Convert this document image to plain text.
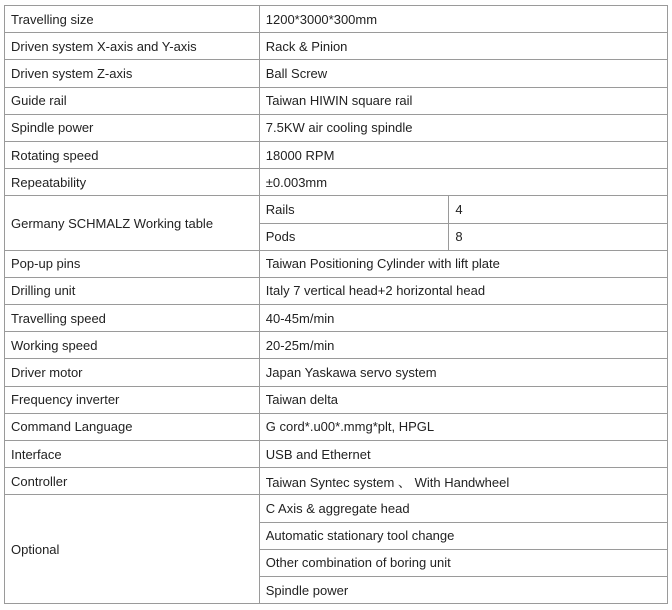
Travelling size	1200*3000*300mm	
Driven system X-axis and Y-axis	Rack & Pinion	
Driven system Z-axis	Ball Screw	
Guide rail	Taiwan HIWIN square rail	
Spindle power	7.5KW air cooling spindle	
Rotating speed	18000 RPM	
Repeatability	±0.003mm	
Germany SCHMALZ Working table	Rails	4
	Pods	8
Pop-up pins	Taiwan Positioning Cylinder with lift plate	
Drilling unit	Italy 7 vertical head+2 horizontal head	
Travelling speed	40-45m/min	
Working speed	20-25m/min	
Driver motor	Japan Yaskawa servo system	
Frequency inverter	Taiwan delta	
Command Language	G cord*.u00*.mmg*plt, HPGL	
Interface	USB and Ethernet	
Controller	Taiwan Syntec system 、 With Handwheel	
Optional	C Axis & aggregate head	
	Automatic stationary tool change	
	Other combination of boring unit	
	Spindle power	
